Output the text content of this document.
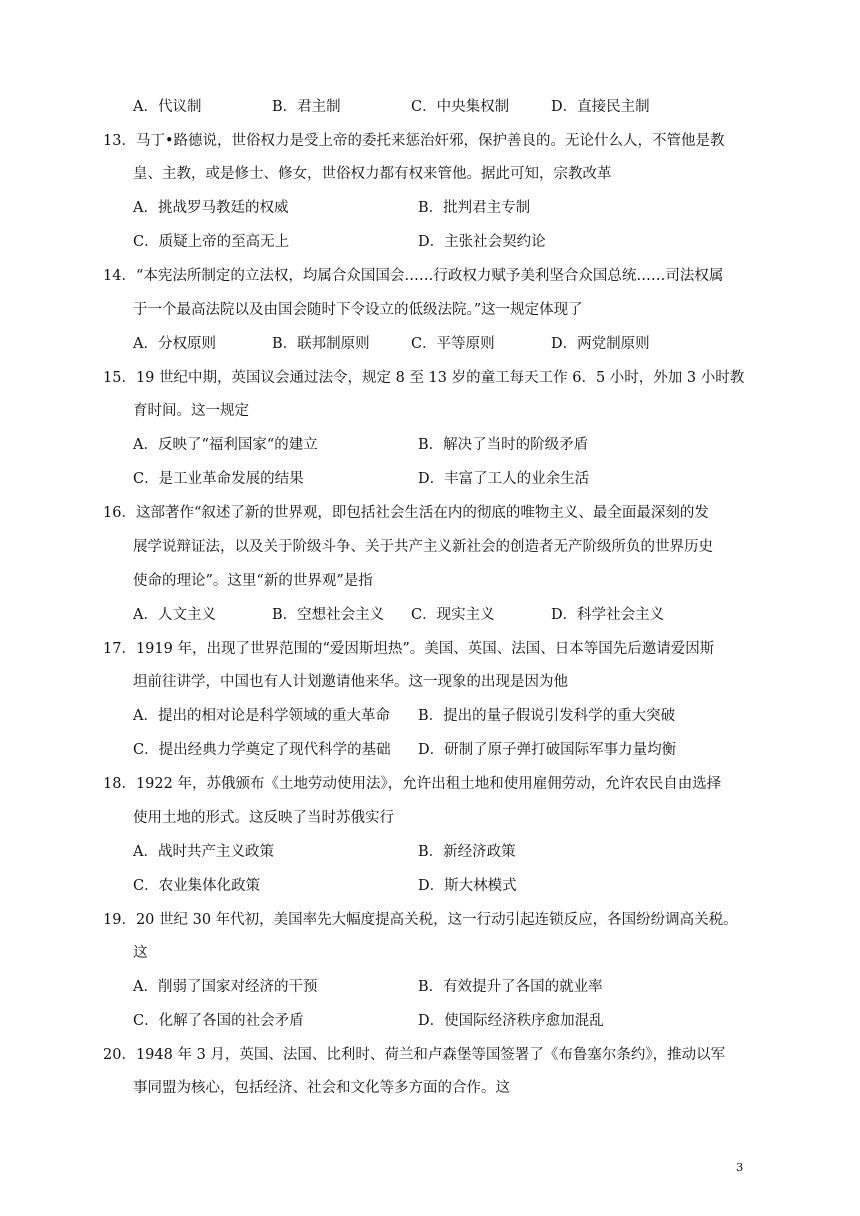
A．代议制	B．君主制	C．中央集权制	D．直接民主制
13．马丁•路德说，世俗权力是受上帝的委托来惩治奸邪，保护善良的。无论什么人，不管他是教
皇、主教，或是修士、修女，世俗权力都有权来管他。据此可知，宗教改革
A．挑战罗马教廷的权威	B．批判君主专制
C．质疑上帝的至高无上	D．主张社会契约论
14．“本宪法所制定的立法权，均属合众国国会……行政权力赋予美利坚合众国总统……司法权属
于一个最高法院以及由国会随时下令设立的低级法院。”这一规定体现了
A．分权原则	B．联邦制原则	C．平等原则	D．两党制原则
15．19 世纪中期，英国议会通过法令，规定 8 至 13 岁的童工每天工作 6．5 小时，外加 3 小时教
育时间。这一规定
A．反映了“福利国家“的建立	B．解决了当时的阶级矛盾
C．是工业革命发展的结果	D．丰富了工人的业余生活
16．这部著作“叙述了新的世界观，即包括社会生活在内的彻底的唯物主义、最全面最深刻的发
展学说辩证法，以及关于阶级斗争、关于共产主义新社会的创造者无产阶级所负的世界历史
使命的理论”。这里“新的世界观”是指
A．人文主义	B．空想社会主义 C．现实主义	D．科学社会主义
17．1919 年，出现了世界范围的“爱因斯坦热”。美国、英国、法国、日本等国先后邀请爱因斯
坦前往讲学，中国也有人计划邀请他来华。这一现象的出现是因为他
A．提出的相对论是科学领域的重大革命 B．提出的量子假说引发科学的重大突破
C．提出经典力学奠定了现代科学的基础 D．研制了原子弹打破国际军事力量均衡
18．1922 年，苏俄颁布《土地劳动使用法》，允许出租土地和使用雇佣劳动，允许农民自由选择
使用土地的形式。这反映了当时苏俄实行
A．战时共产主义政策	B．新经济政策
C．农业集体化政策	D．斯大林模式
19．20 世纪 30 年代初，美国率先大幅度提高关税，这一行动引起连锁反应，各国纷纷调高关税。
这
A．削弱了国家对经济的干预	B．有效提升了各国的就业率
C．化解了各国的社会矛盾	D．使国际经济秩序愈加混乱
20．1948 年 3 月，英国、法国、比利时、荷兰和卢森堡等国签署了《布鲁塞尔条约》，推动以军
事同盟为核心，包括经济、社会和文化等多方面的合作。这
3
